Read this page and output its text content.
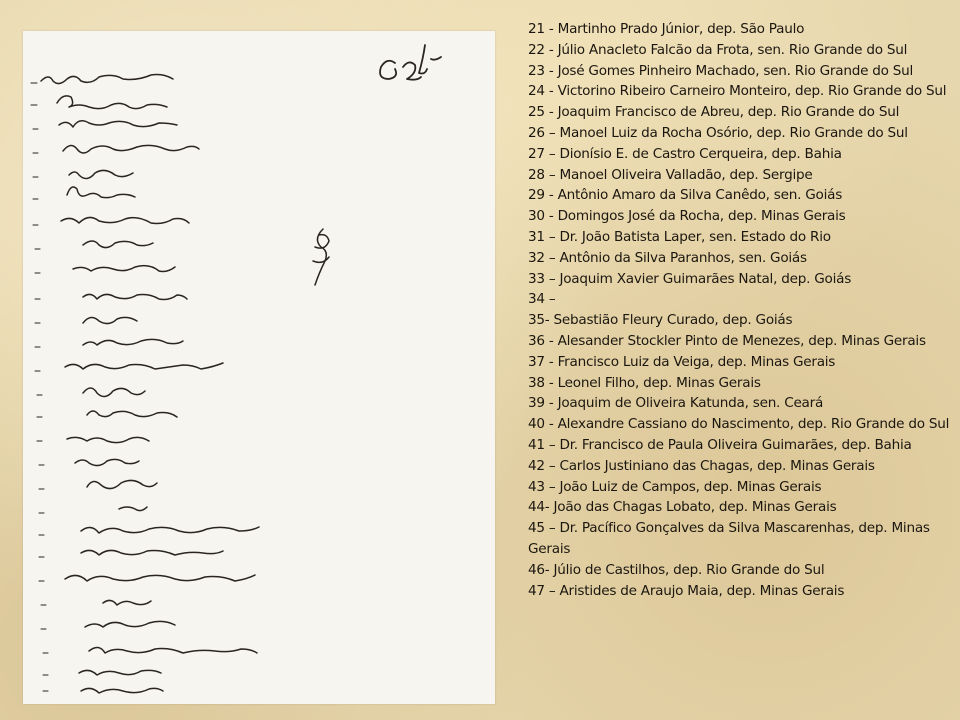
21 - Martinho Prado Júnior, dep. São Paulo

22 - Júlio Anacleto Falcão da Frota, sen. Rio Grande do Sul

23 - José Gomes Pinheiro Machado, sen. Rio Grande do Sul

24 - Victorino Ribeiro Carneiro Monteiro, dep. Rio Grande do Sul

25 - Joaquim Francisco de Abreu, dep. Rio Grande do Sul

26 – Manoel Luiz da Rocha Osório, dep. Rio Grande do Sul

27 – Dionísio E. de Castro Cerqueira, dep. Bahia

28 – Manoel Oliveira Valladão, dep. Sergipe

29 - Antônio Amaro da Silva Canêdo, sen. Goiás

30 - Domingos José da Rocha, dep. Minas Gerais

31 – Dr. João Batista Laper, sen. Estado do Rio

32 – Antônio da Silva Paranhos, sen. Goiás

33 – Joaquim Xavier Guimarães Natal, dep. Goiás

34 –

35- Sebastião Fleury Curado, dep. Goiás

36 - Alesander Stockler Pinto de Menezes, dep. Minas Gerais

37 - Francisco Luiz da Veiga, dep. Minas Gerais

38 - Leonel Filho, dep. Minas Gerais

39 - Joaquim de Oliveira Katunda, sen. Ceará

40 - Alexandre Cassiano do Nascimento, dep. Rio Grande do Sul

41 – Dr. Francisco de Paula Oliveira Guimarães, dep. Bahia

42 – Carlos Justiniano das Chagas, dep. Minas Gerais

43 – João Luiz de Campos, dep. Minas Gerais

44- João das Chagas Lobato, dep. Minas Gerais

45 – Dr. Pacífico Gonçalves da Silva Mascarenhas, dep. Minas Gerais

46- Júlio de Castilhos, dep. Rio Grande do Sul

47 – Aristides de Araujo Maia, dep. Minas Gerais
